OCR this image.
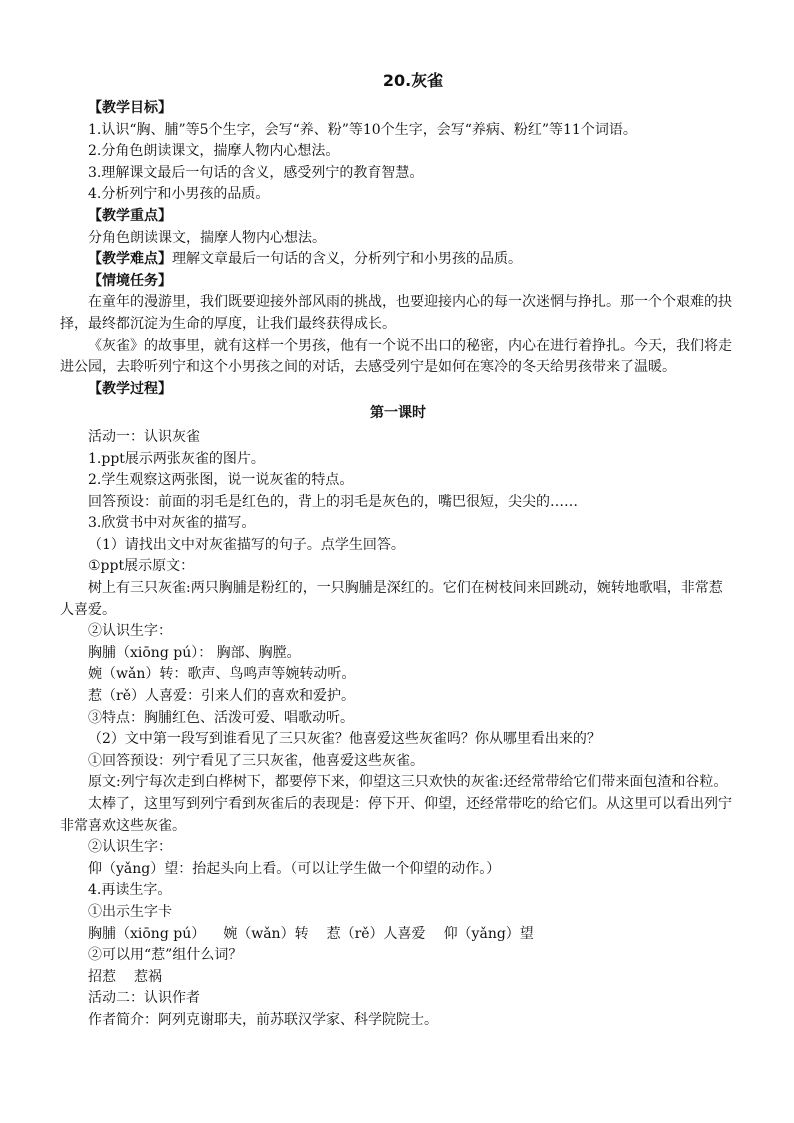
20.灰雀

【教学目标】

1.认识“胸、脯”等5个生字，会写“养、粉”等10个生字，会写“养病、粉红”等11个词语。

2.分角色朗读课文，揣摩人物内心想法。

3.理解课文最后一句话的含义，感受列宁的教育智慧。

4.分析列宁和小男孩的品质。

【教学重点】

分角色朗读课文，揣摩人物内心想法。

【教学难点】理解文章最后一句话的含义，分析列宁和小男孩的品质。

【情境任务】

在童年的漫游里，我们既要迎接外部风雨的挑战，也要迎接内心的每一次迷惘与挣扎。那一个个艰难的抉择，最终都沉淀为生命的厚度，让我们最终获得成长。

《灰雀》的故事里，就有这样一个男孩，他有一个说不出口的秘密，内心在进行着挣扎。今天，我们将走进公园，去聆听列宁和这个小男孩之间的对话，去感受列宁是如何在寒冷的冬天给男孩带来了温暖。

【教学过程】

第一课时

活动一：认识灰雀

1.ppt展示两张灰雀的图片。

2.学生观察这两张图，说一说灰雀的特点。

回答预设：前面的羽毛是红色的，背上的羽毛是灰色的，嘴巴很短，尖尖的……

3.欣赏书中对灰雀的描写。

（1）请找出文中对灰雀描写的句子。点学生回答。

①ppt展示原文：

树上有三只灰雀:两只胸脯是粉红的，一只胸脯是深红的。它们在树枝间来回跳动，婉转地歌唱，非常惹人喜爱。

②认识生字：

胸脯（xiōng pú）： 胸部、胸膛。

婉（wǎn）转：歌声、鸟鸣声等婉转动听。

惹（rě）人喜爱：引来人们的喜欢和爱护。

③特点：胸脯红色、活泼可爱、唱歌动听。

（2）文中第一段写到谁看见了三只灰雀？他喜爱这些灰雀吗？你从哪里看出来的？

①回答预设：列宁看见了三只灰雀，他喜爱这些灰雀。

原文:列宁每次走到白桦树下，都要停下来，仰望这三只欢快的灰雀:还经常带给它们带来面包渣和谷粒。

太棒了，这里写到列宁看到灰雀后的表现是：停下开、仰望，还经常带吃的给它们。从这里可以看出列宁非常喜欢这些灰雀。

②认识生字：

仰（yǎng）望：抬起头向上看。（可以让学生做一个仰望的动作。）

4.再读生字。

①出示生字卡

胸脯（xiōng pú） 婉（wǎn）转 惹（rě）人喜爱 仰（yǎng）望

②可以用“惹”组什么词？

招惹 惹祸

活动二：认识作者

作者简介：阿列克谢耶夫，前苏联汉学家、科学院院士。
